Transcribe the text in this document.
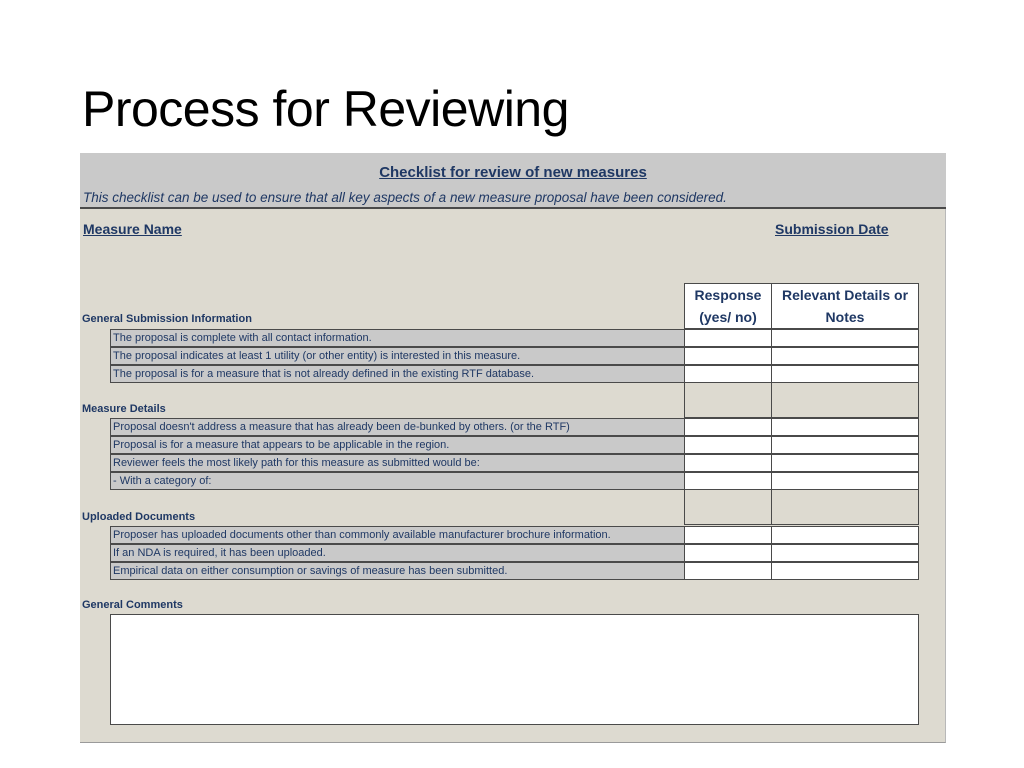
Process for Reviewing
Checklist for review of new measures
This checklist can be used to ensure that all key aspects of a new measure proposal have been considered.
Measure Name	Submission Date
Response
(yes/ no)
Relevant Details or
Notes
General Submission Information
The proposal is complete with all contact information.
The proposal indicates at least 1 utility (or other entity) is interested in this measure.
The proposal is for a measure that is not already defined in the existing RTF database.
Measure Details
Proposal doesn't address a measure that has already been de-bunked by others. (or the RTF)
Proposal is for a measure that appears to be applicable in the region.
Reviewer feels the most likely path for this measure as submitted would be:
- With a category of:
Uploaded Documents
Proposer has uploaded documents other than commonly available manufacturer brochure information.
If an NDA is required, it has been uploaded.
Empirical data on either consumption or savings of measure has been submitted.
General Comments
